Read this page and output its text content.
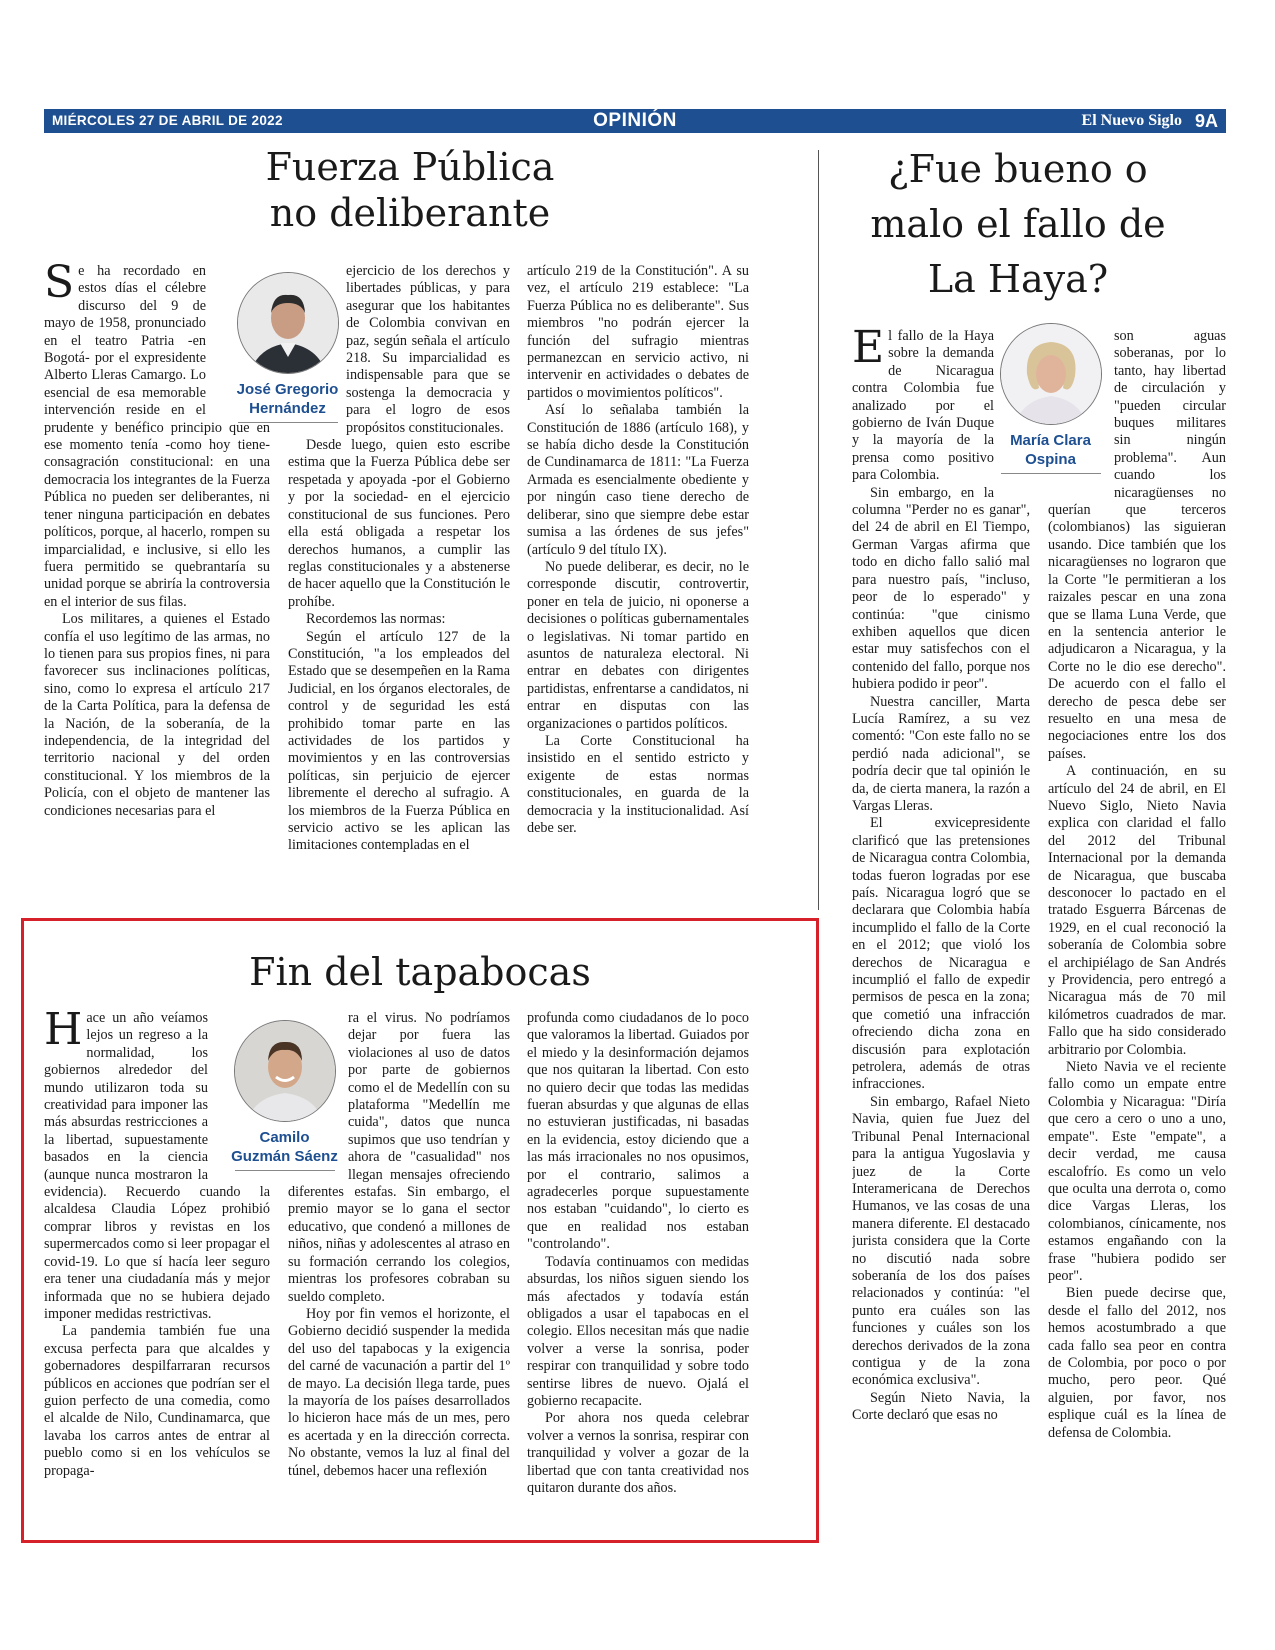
MIÉRCOLES 27 DE ABRIL DE 2022	OPINIÓN	El Nuevo Siglo 9A
Fuerza Pública
no deliberante
José Gregorio
Hernández

Se ha recordado en estos días el célebre discurso del 9 de mayo de 1958, pronunciado en el teatro Patria -en Bogotá- por el expresidente Alberto Lleras Camargo. Lo esencial de esa memorable intervención reside en el prudente y benéfico principio que en ese momento tenía -como hoy tiene- consagración constitucional: en una democracia los integrantes de la Fuerza Pública no pueden ser deliberantes, ni tener ninguna participación en debates políticos, porque, al hacerlo, rompen su imparcialidad, e inclusive, si ello les fuera permitido se quebrantaría su unidad porque se abriría la controversia en el interior de sus filas.

Los militares, a quienes el Estado confía el uso legítimo de las armas, no lo tienen para sus propios fines, ni para favorecer sus inclinaciones políticas, sino, como lo expresa el artículo 217 de la Carta Política, para la defensa de la Nación, de la soberanía, de la independencia, de la integridad del territorio nacional y del orden constitucional. Y los miembros de la Policía, con el objeto de mantener las condiciones necesarias para el

ejercicio de los derechos y libertades públicas, y para asegurar que los habitantes de Colombia convivan en paz, según señala el artículo 218. Su imparcialidad es indispensable para que se sostenga la democracia y para el logro de esos propósitos constitucionales.

Desde luego, quien esto escribe estima que la Fuerza Pública debe ser respetada y apoyada -por el Gobierno y por la sociedad- en el ejercicio constitucional de sus funciones. Pero ella está obligada a respetar los derechos humanos, a cumplir las reglas constitucionales y a abstenerse de hacer aquello que la Constitución le prohíbe.

Recordemos las normas:

Según el artículo 127 de la Constitución, "a los empleados del Estado que se desempeñen en la Rama Judicial, en los órganos electorales, de control y de seguridad les está prohibido tomar parte en las actividades de los partidos y movimientos y en las controversias políticas, sin perjuicio de ejercer libremente el derecho al sufragio. A los miembros de la Fuerza Pública en servicio activo se les aplican las limitaciones contempladas en el

artículo 219 de la Constitución". A su vez, el artículo 219 establece: "La Fuerza Pública no es deliberante". Sus miembros "no podrán ejercer la función del sufragio mientras permanezcan en servicio activo, ni intervenir en actividades o debates de partidos o movimientos políticos".

Así lo señalaba también la Constitución de 1886 (artículo 168), y se había dicho desde la Constitución de Cundinamarca de 1811: "La Fuerza Armada es esencialmente obediente y por ningún caso tiene derecho de deliberar, sino que siempre debe estar sumisa a las órdenes de sus jefes" (artículo 9 del título IX).

No puede deliberar, es decir, no le corresponde discutir, controvertir, poner en tela de juicio, ni oponerse a decisiones o políticas gubernamentales o legislativas. Ni tomar partido en asuntos de naturaleza electoral. Ni entrar en debates con dirigentes partidistas, enfrentarse a candidatos, ni entrar en disputas con las organizaciones o partidos políticos.

La Corte Constitucional ha insistido en el sentido estricto y exigente de estas normas constitucionales, en guarda de la democracia y la institucionalidad. Así debe ser.

¿Fue bueno o
malo el fallo de
La Haya?
María Clara
Ospina

El fallo de la Haya sobre la demanda de Nicaragua contra Colombia fue analizado por el gobierno de Iván Duque y la mayoría de la prensa como positivo para Colombia.

Sin embargo, en la columna "Perder no es ganar", del 24 de abril en El Tiempo, German Vargas afirma que todo en dicho fallo salió mal para nuestro país, "incluso, peor de lo esperado" y continúa: "que cinismo exhiben aquellos que dicen estar muy satisfechos con el contenido del fallo, porque nos hubiera podido ir peor".

Nuestra canciller, Marta Lucía Ramírez, a su vez comentó: "Con este fallo no se perdió nada adicional", se podría decir que tal opinión le da, de cierta manera, la razón a Vargas Lleras.

El exvicepresidente clarificó que las pretensiones de Nicaragua contra Colombia, todas fueron logradas por ese país. Nicaragua logró que se declarara que Colombia había incumplido el fallo de la Corte en el 2012; que violó los derechos de Nicaragua e incumplió el fallo de expedir permisos de pesca en la zona; que cometió una infracción ofreciendo dicha zona en discusión para explotación petrolera, además de otras infracciones.

Sin embargo, Rafael Nieto Navia, quien fue Juez del Tribunal Penal Internacional para la antigua Yugoslavia y juez de la Corte Interamericana de Derechos Humanos, ve las cosas de una manera diferente. El destacado jurista considera que la Corte no discutió nada sobre soberanía de los dos países relacionados y continúa: "el punto era cuáles son las funciones y cuáles son los derechos derivados de la zona contigua y de la zona económica exclusiva".

Según Nieto Navia, la Corte declaró que esas no

son aguas soberanas, por lo tanto, hay libertad de circulación y "pueden circular buques militares sin ningún problema". Aun cuando los nicaragüenses no querían que terceros (colombianos) las siguieran usando. Dice también que los nicaragüenses no lograron que la Corte "le permitieran a los raizales pescar en una zona que se llama Luna Verde, que en la sentencia anterior le adjudicaron a Nicaragua, y la Corte no le dio ese derecho". De acuerdo con el fallo el derecho de pesca debe ser resuelto en una mesa de negociaciones entre los dos países.

A continuación, en su artículo del 24 de abril, en El Nuevo Siglo, Nieto Navia explica con claridad el fallo del 2012 del Tribunal Internacional por la demanda de Nicaragua, que buscaba desconocer lo pactado en el tratado Esguerra Bárcenas de 1929, en el cual reconoció la soberanía de Colombia sobre el archipiélago de San Andrés y Providencia, pero entregó a Nicaragua más de 70 mil kilómetros cuadrados de mar. Fallo que ha sido considerado arbitrario por Colombia.

Nieto Navia ve el reciente fallo como un empate entre Colombia y Nicaragua: "Diría que cero a cero o uno a uno, empate". Este "empate", a decir verdad, me causa escalofrío. Es como un velo que oculta una derrota o, como dice Vargas Lleras, los colombianos, cínicamente, nos estamos engañando con la frase "hubiera podido ser peor".

Bien puede decirse que, desde el fallo del 2012, nos hemos acostumbrado a que cada fallo sea peor en contra de Colombia, por poco o por mucho, pero peor. Qué alguien, por favor, nos esplique cuál es la línea de defensa de Colombia.

Fin del tapabocas
Camilo
Guzmán Sáenz

Hace un año veíamos lejos un regreso a la normalidad, los gobiernos alrededor del mundo utilizaron toda su creatividad para imponer las más absurdas restricciones a la libertad, supuestamente basados en la ciencia (aunque nunca mostraron la evidencia). Recuerdo cuando la alcaldesa Claudia López prohibió comprar libros y revistas en los supermercados como si leer propagar el covid-19. Lo que sí hacía leer seguro era tener una ciudadanía más y mejor informada que no se hubiera dejado imponer medidas restrictivas.

La pandemia también fue una excusa perfecta para que alcaldes y gobernadores despilfarraran recursos públicos en acciones que podrían ser el guion perfecto de una comedia, como el alcalde de Nilo, Cundinamarca, que lavaba los carros antes de entrar al pueblo como si en los vehículos se propaga-

ra el virus. No podríamos dejar por fuera las violaciones al uso de datos por parte de gobiernos como el de Medellín con su plataforma "Medellín me cuida", datos que nunca supimos que uso tendrían y ahora de "casualidad" nos llegan mensajes ofreciendo diferentes estafas. Sin embargo, el premio mayor se lo gana el sector educativo, que condenó a millones de niños, niñas y adolescentes al atraso en su formación cerrando los colegios, mientras los profesores cobraban su sueldo completo.

Hoy por fin vemos el horizonte, el Gobierno decidió suspender la medida del uso del tapabocas y la exigencia del carné de vacunación a partir del 1º de mayo. La decisión llega tarde, pues la mayoría de los países desarrollados lo hicieron hace más de un mes, pero es acertada y en la dirección correcta. No obstante, vemos la luz al final del túnel, debemos hacer una reflexión

profunda como ciudadanos de lo poco que valoramos la libertad. Guiados por el miedo y la desinformación dejamos que nos quitaran la libertad. Con esto no quiero decir que todas las medidas fueran absurdas y que algunas de ellas no estuvieran justificadas, ni basadas en la evidencia, estoy diciendo que a las más irracionales no nos opusimos, por el contrario, salimos a agradecerles porque supuestamente nos estaban "cuidando", lo cierto es que en realidad nos estaban "controlando".

Todavía continuamos con medidas absurdas, los niños siguen siendo los más afectados y todavía están obligados a usar el tapabocas en el colegio. Ellos necesitan más que nadie volver a verse la sonrisa, poder respirar con tranquilidad y sobre todo sentirse libres de nuevo. Ojalá el gobierno recapacite.

Por ahora nos queda celebrar volver a vernos la sonrisa, respirar con tranquilidad y volver a gozar de la libertad que con tanta creatividad nos quitaron durante dos años.
